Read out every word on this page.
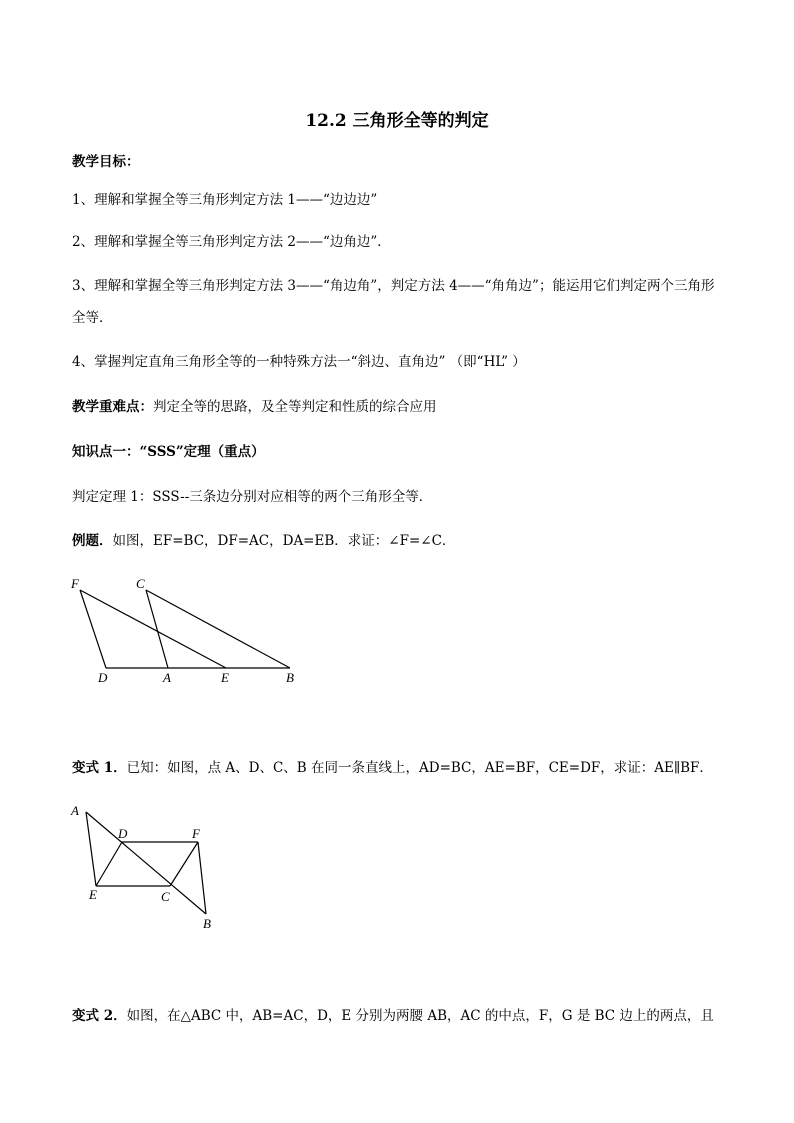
12.2 三角形全等的判定
教学目标：
1、理解和掌握全等三角形判定方法 1——“边边边”
2、理解和掌握全等三角形判定方法 2——“边角边”．
3、理解和掌握全等三角形判定方法 3——“角边角”，判定方法 4——“角角边”；能运用它们判定两个三角形全等．
4、掌握判定直角三角形全等的一种特殊方法一“斜边、直角边” （即“HL” ）
教学重难点：判定全等的思路，及全等判定和性质的综合应用
知识点一：“SSS”定理（重点）
判定定理 1：SSS--三条边分别对应相等的两个三角形全等．
例题．如图，EF=BC，DF=AC，DA=EB．求证：∠F=∠C．
F	C
D	A	E	B
变式 1．已知：如图，点 A、D、C、B 在同一条直线上，AD=BC，AE=BF，CE=DF，求证：AE∥BF．
A
D	F
E	C
B
变式 2．如图，在△ABC 中，AB=AC，D，E 分别为两腰 AB，AC 的中点，F，G 是 BC 边上的两点，且
